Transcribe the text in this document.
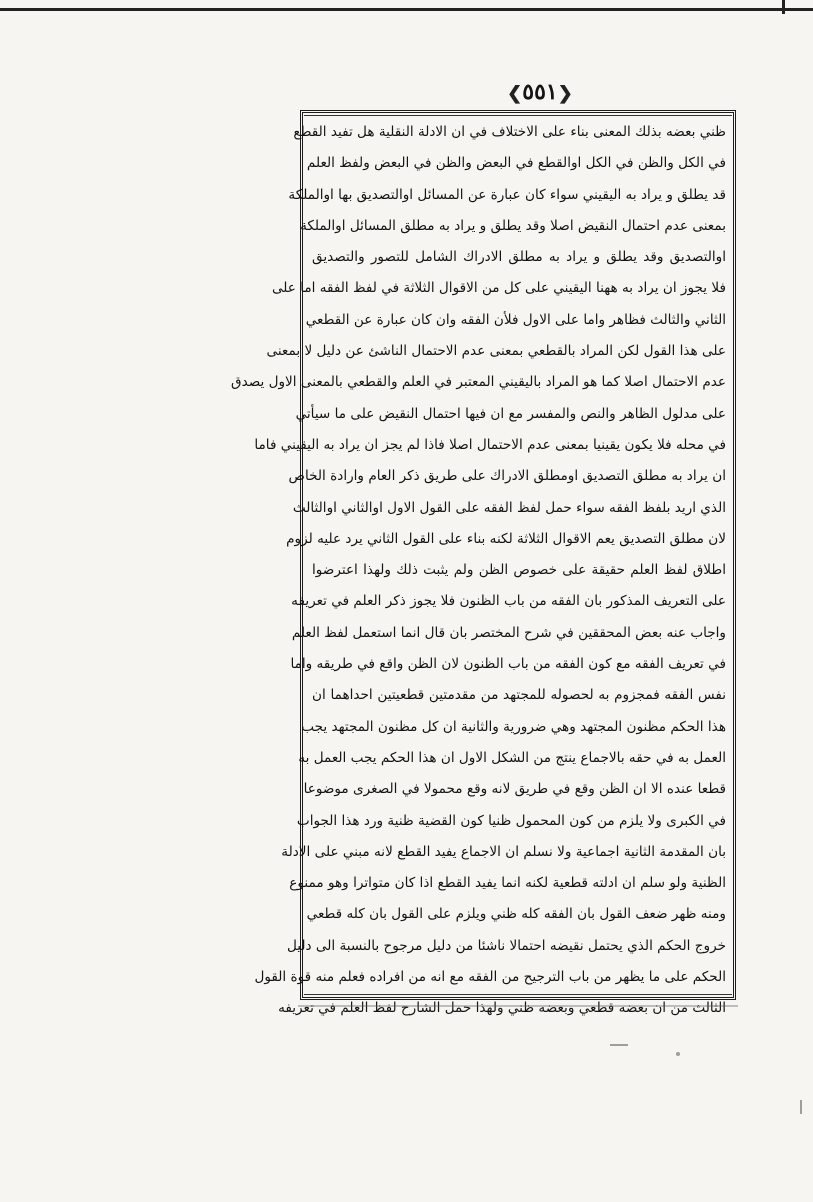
❮٥٥١❯
ظني بعضه بذلك المعنى بناء على الاختلاف في ان الادلة النقلية هل تفيد القطع
في الكل والظن في الكل اوالقطع في البعض والظن في البعض ولفظ العلم
قد يطلق و يراد به اليقيني سواء كان عبارة عن المسائل اوالتصديق بها اوالملكة
بمعنى عدم احتمال النقيض اصلا وقد يطلق و يراد به مطلق المسائل اوالملكة
اوالتصديق وقد يطلق و يراد به مطلق الادراك الشامل للتصور والتصديق
فلا يجوز ان يراد به ههنا اليقيني على كل من الاقوال الثلاثة في لفظ الفقه اما على
الثاني والثالث فظاهر واما على الاول فلأن الفقه وان كان عبارة عن القطعي
على هذا القول لكن المراد بالقطعي بمعنى عدم الاحتمال الناشئ عن دليل لا بمعنى
عدم الاحتمال اصلا كما هو المراد باليقيني المعتبر في العلم والقطعي بالمعنى الاول يصدق
على مدلول الظاهر والنص والمفسر مع ان فيها احتمال النقيض على ما سيأتي
في محله فلا يكون يقينيا بمعنى عدم الاحتمال اصلا فاذا لم يجز ان يراد به اليقيني فاما
ان يراد به مطلق التصديق اومطلق الادراك على طريق ذكر العام وارادة الخاص
الذي اريد بلفظ الفقه سواء حمل لفظ الفقه على القول الاول اوالثاني اوالثالث
لان مطلق التصديق يعم الاقوال الثلاثة لكنه بناء على القول الثاني يرد عليه لزوم
اطلاق لفظ العلم حقيقة على خصوص الظن ولم يثبت ذلك ولهذا اعترضوا
على التعريف المذكور بان الفقه من باب الظنون فلا يجوز ذكر العلم في تعريفه
واجاب عنه بعض المحققين في شرح المختصر بان قال انما استعمل لفظ العلم
في تعريف الفقه مع كون الفقه من باب الظنون لان الظن واقع في طريقه واما
نفس الفقه فمجزوم به لحصوله للمجتهد من مقدمتين قطعيتين احداهما ان
هذا الحكم مظنون المجتهد وهي ضرورية والثانية ان كل مظنون المجتهد يجب
العمل به في حقه بالاجماع ينتج من الشكل الاول ان هذا الحكم يجب العمل به
قطعا عنده الا ان الظن وقع في طريق لانه وقع محمولا في الصغرى موضوعا
في الكبرى ولا يلزم من كون المحمول ظنيا كون القضية ظنية ورد هذا الجواب
بان المقدمة الثانية اجماعية ولا نسلم ان الاجماع يفيد القطع لانه مبني على الادلة
الظنية ولو سلم ان ادلته قطعية لكنه انما يفيد القطع اذا كان متواترا وهو ممنوع
ومنه ظهر ضعف القول بان الفقه كله ظني ويلزم على القول بان كله قطعي
خروج الحكم الذي يحتمل نقيضه احتمالا ناشئا من دليل مرجوح بالنسبة الى دليل
الحكم على ما يظهر من باب الترجيح من الفقه مع انه من افراده فعلم منه قوة القول
الثالث من ان بعضه قطعي وبعضه ظني ولهذا حمل الشارح لفظ العلم في تعريفه
